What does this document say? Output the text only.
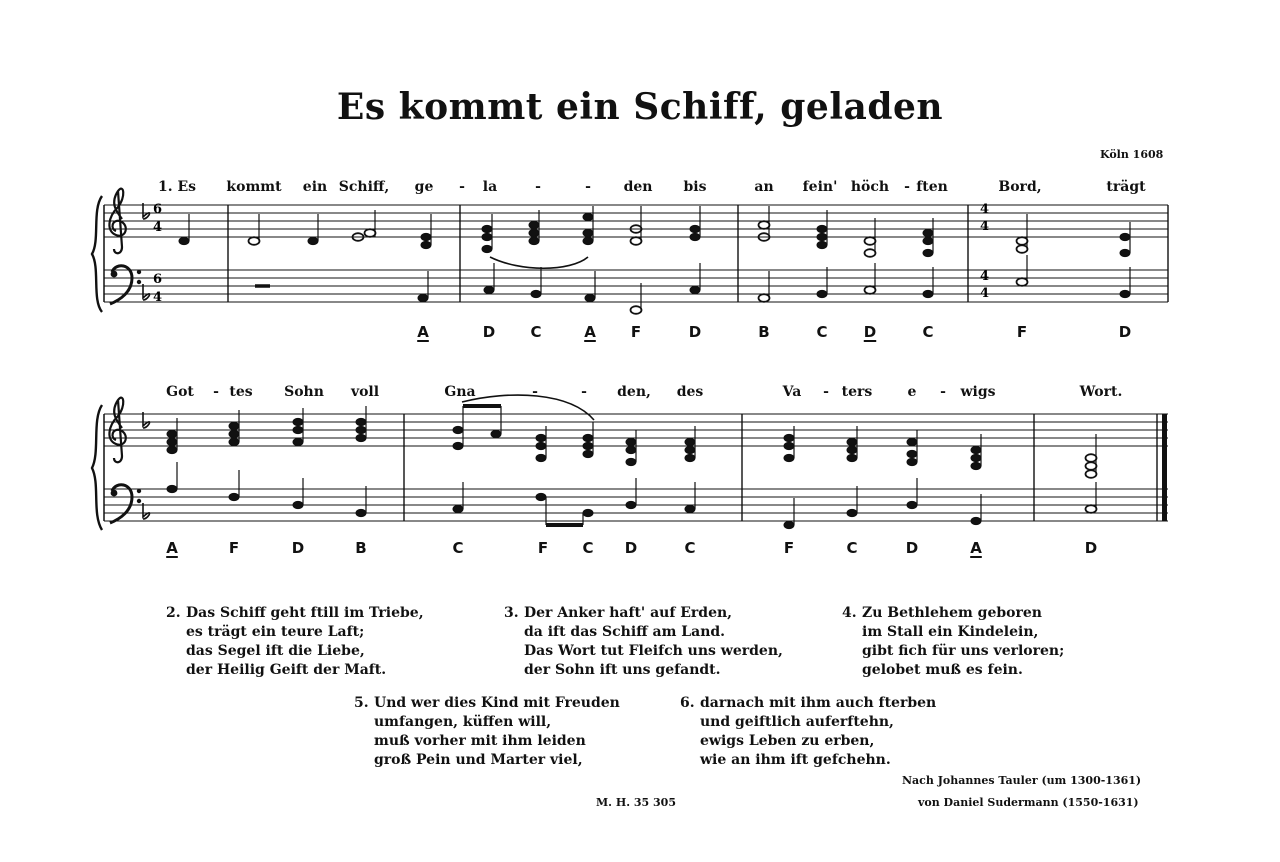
Es kommt ein Schiff, geladen
Köln 1608
6
4
6
4
4
4
4
4
1. Es kommt ein Schiff, ge - la	-	- den bis	an fein' höch - ften	Bord,	trägt
A	D C	A F	D	B	C D	C	F	D
Got - tes Sohn voll	Gna	-	- den, des	Va - ters	e - wigs	Wort.
A	F	D	B	C	F C D	C	F	C	D	A	D
2. Das Schiff geht ftill im Triebe,
es trägt ein teure Laft;
das Segel ift die Liebe,
der Heilig Geift der Maft.
3. Der Anker haft' auf Erden,
da ift das Schiff am Land.
Das Wort tut Fleifch uns werden,
der Sohn ift uns gefandt.
4. Zu Bethlehem geboren
im Stall ein Kindelein,
gibt fich für uns verloren;
gelobet muß es fein.
5. Und wer dies Kind mit Freuden
umfangen, küffen will,
muß vorher mit ihm leiden
groß Pein und Marter viel,
6. darnach mit ihm auch fterben
und geiftlich auferftehn,
ewigs Leben zu erben,
wie an ihm ift gefchehn.
Nach Johannes Tauler (um 1300-1361)
von Daniel Sudermann (1550-1631)
M. H. 35 305
